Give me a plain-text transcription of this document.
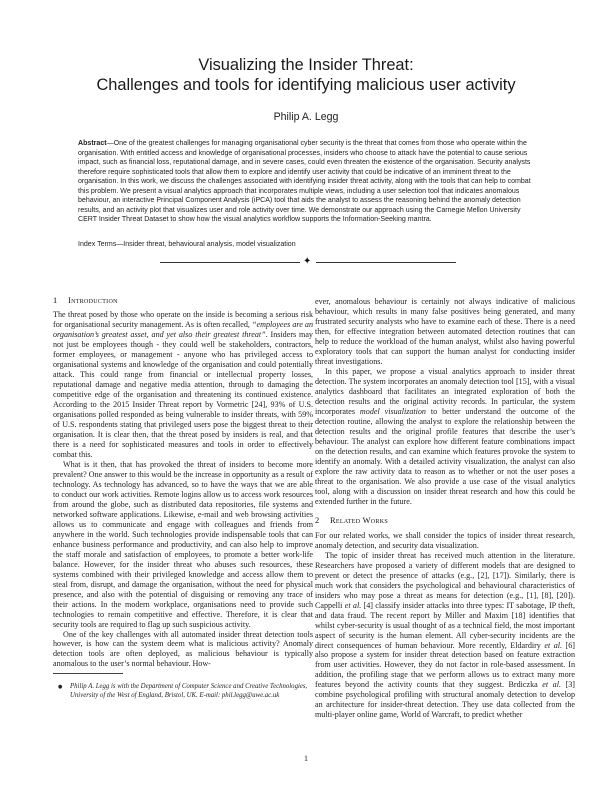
Visualizing the Insider Threat:
Challenges and tools for identifying malicious user activity
Philip A. Legg
Abstract—One of the greatest challenges for managing organisational cyber security is the threat that comes from those who operate within the organisation. With entitled access and knowledge of organisational processes, insiders who choose to attack have the potential to cause serious impact, such as financial loss, reputational damage, and in severe cases, could even threaten the existence of the organisation. Security analysts therefore require sophisticated tools that allow them to explore and identify user activity that could be indicative of an imminent threat to the organisation. In this work, we discuss the challenges associated with identifying insider threat activity, along with the tools that can help to combat this problem. We present a visual analytics approach that incorporates multiple views, including a user selection tool that indicates anomalous behaviour, an interactive Principal Component Analysis (iPCA) tool that aids the analyst to assess the reasoning behind the anomaly detection results, and an activity plot that visualizes user and role activity over time. We demonstrate our approach using the Carnegie Mellon University CERT Insider Threat Dataset to show how the visual analytics workflow supports the Information-Seeking mantra.
Index Terms—Insider threat, behavioural analysis, model visualization
✦
1 Introduction

The threat posed by those who operate on the inside is becoming a serious risk for organisational security management. As is often recalled, “employees are an organisation’s greatest asset, and yet also their greatest threat”. Insiders may not just be employees though - they could well be stakeholders, contractors, former employees, or management - anyone who has privileged access to organisational systems and knowledge of the organisation and could potentially attack. This could range from financial or intellectual property losses, reputational damage and negative media attention, through to damaging the competitive edge of the organisation and threatening its continued existence. According to the 2015 Insider Threat report by Vormetric [24], 93% of U.S. organisations polled responded as being vulnerable to insider threats, with 59% of U.S. respondents stating that privileged users pose the biggest threat to their organisation. It is clear then, that the threat posed by insiders is real, and that there is a need for sophisticated measures and tools in order to effectively combat this.

What is it then, that has provoked the threat of insiders to become more prevalent? One answer to this would be the increase in opportunity as a result of technology. As technology has advanced, so to have the ways that we are able to conduct our work activities. Remote logins allow us to access work resources from around the globe, such as distributed data repositories, file systems and networked software applications. Likewise, e-mail and web browsing activities allows us to communicate and engage with colleagues and friends from anywhere in the world. Such technologies provide indispensable tools that can enhance business performance and productivity, and can also help to improve the staff morale and satisfaction of employees, to promote a better work-life balance. However, for the insider threat who abuses such resources, these systems combined with their privileged knowledge and access allow them to steal from, disrupt, and damage the organisation, without the need for physical presence, and also with the potential of disguising or removing any trace of their actions. In the modern workplace, organisations need to provide such technologies to remain competitive and effective. Therefore, it is clear that security tools are required to flag up such suspicious activity.

One of the key challenges with all automated insider threat detection tools however, is how can the system deem what is malicious activity? Anomaly detection tools are often deployed, as malicious behaviour is typically anomalous to the user’s normal behaviour. How-

ever, anomalous behaviour is certainly not always indicative of malicious behaviour, which results in many false positives being generated, and many frustrated security analysts who have to examine each of these. There is a need then, for effective integration between automated detection routines that can help to reduce the workload of the human analyst, whilst also having powerful exploratory tools that can support the human analyst for conducting insider threat investigations.

In this paper, we propose a visual analytics approach to insider threat detection. The system incorporates an anomaly detection tool [15], with a visual analytics dashboard that facilitates an integrated exploration of both the detection results and the original activity records. In particular, the system incorporates model visualization to better understand the outcome of the detection routine, allowing the analyst to explore the relationship between the detection results and the original profile features that describe the user’s behaviour. The analyst can explore how different feature combinations impact on the detection results, and can examine which features provoke the system to identify an anomaly. With a detailed activity visualization, the analyst can also explore the raw activity data to reason as to whether or not the user poses a threat to the organisation. We also provide a use case of the visual analytics tool, along with a discussion on insider threat research and how this could be extended further in the future.

2 Related Works

For our related works, we shall consider the topics of insider threat research, anomaly detection, and security data visualization.

The topic of insider threat has received much attention in the literature. Researchers have proposed a variety of different models that are designed to prevent or detect the presence of attacks (e.g., [2], [17]). Similarly, there is much work that considers the psychological and behavioural characteristics of insiders who may pose a threat as means for detection (e.g., [1], [8], [20]). Cappelli et al. [4] classify insider attacks into three types: IT sabotage, IP theft, and data fraud. The recent report by Miller and Maxim [18] identifies that whilst cyber-security is usual thought of as a technical field, the most important aspect of security is the human element. All cyber-security incidents are the direct consequences of human behaviour. More recently, Eldardiry et al. [6] also propose a system for insider threat detection based on feature extraction from user activities. However, they do not factor in role-based assessment. In addition, the profiling stage that we perform allows us to extract many more features beyond the activity counts that they suggest. Brdiczka et al. [3] combine psychological profiling with structural anomaly detection to develop an architecture for insider-threat detection. They use data collected from the multi-player online game, World of Warcraft, to predict whether

● Philip A. Legg is with the Department of Computer Science and Creative Technologies, University of the West of England, Bristol, UK. E-mail: phil.legg@uwe.ac.uk
1
